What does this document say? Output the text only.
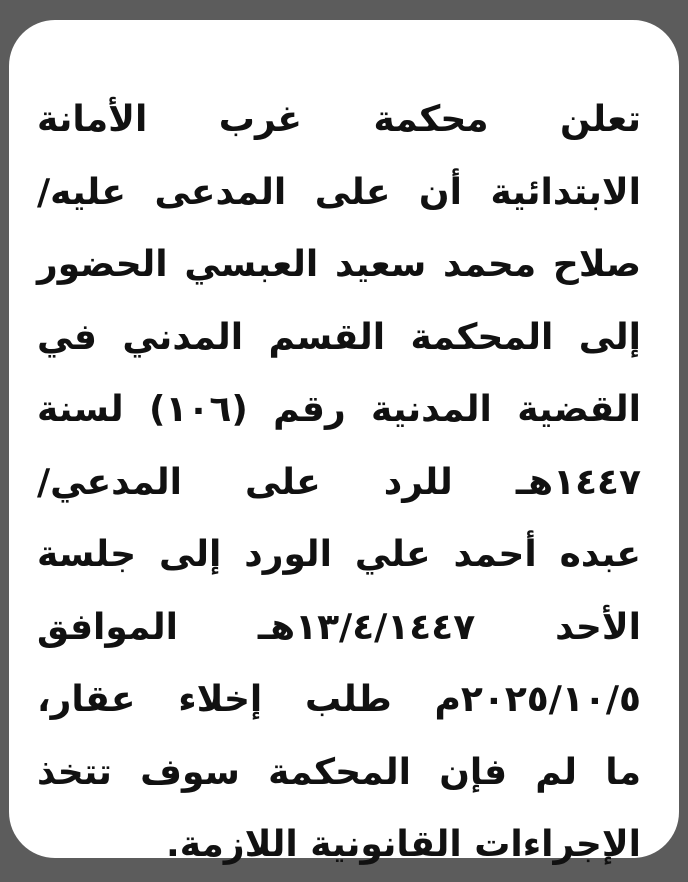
تعلن محكمة غرب الأمانة
الابتدائية أن على المدعى عليه/
صلاح محمد سعيد العبسي الحضور
إلى المحكمة القسم المدني في
القضية المدنية رقم (١٠٦) لسنة
١٤٤٧هـ للرد على المدعي/
عبده أحمد علي الورد إلى جلسة
الأحد ١٣/٤/١٤٤٧هـ الموافق
٢٠٢٥/١٠/٥م طلب إخلاء عقار،
ما لم فإن المحكمة سوف تتخذ
الإجراءات القانونية اللازمة.
